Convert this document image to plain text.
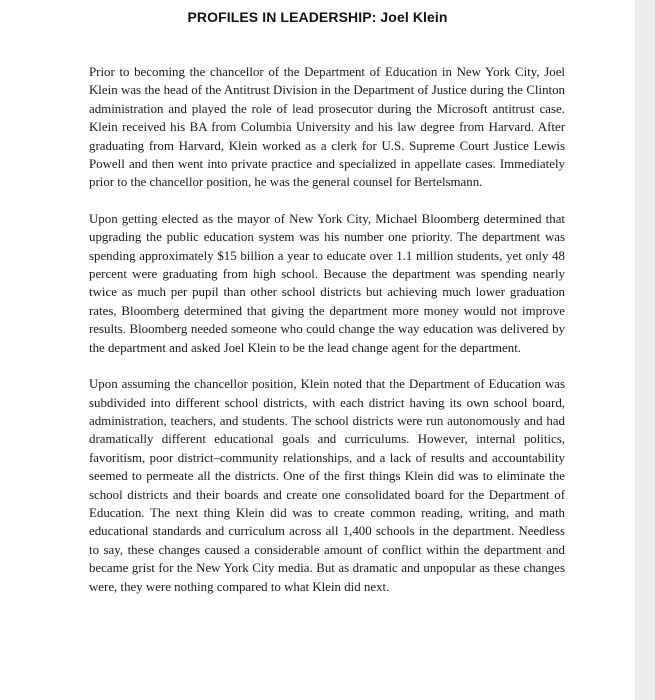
PROFILES IN LEADERSHIP: Joel Klein

Prior to becoming the chancellor of the Department of Education in New York City, Joel Klein was the head of the Antitrust Division in the Department of Justice during the Clinton administration and played the role of lead prosecutor during the Microsoft antitrust case. Klein received his BA from Columbia University and his law degree from Harvard. After graduating from Harvard, Klein worked as a clerk for U.S. Supreme Court Justice Lewis Powell and then went into private practice and specialized in appellate cases. Immediately prior to the chancellor position, he was the general counsel for Bertelsmann.

Upon getting elected as the mayor of New York City, Michael Bloomberg determined that upgrading the public education system was his number one priority. The department was spending approximately $15 billion a year to educate over 1.1 million students, yet only 48 percent were graduating from high school. Because the department was spending nearly twice as much per pupil than other school districts but achieving much lower graduation rates, Bloomberg determined that giving the department more money would not improve results. Bloomberg needed someone who could change the way education was delivered by the department and asked Joel Klein to be the lead change agent for the department.

Upon assuming the chancellor position, Klein noted that the Department of Education was subdivided into different school districts, with each district having its own school board, administration, teachers, and students. The school districts were run autonomously and had dramatically different educational goals and curriculums. However, internal politics, favoritism, poor district–community relationships, and a lack of results and accountability seemed to permeate all the districts. One of the first things Klein did was to eliminate the school districts and their boards and create one consolidated board for the Department of Education. The next thing Klein did was to create common reading, writing, and math educational standards and curriculum across all 1,400 schools in the department. Needless to say, these changes caused a considerable amount of conflict within the department and became grist for the New York City media. But as dramatic and unpopular as these changes were, they were nothing compared to what Klein did next.
